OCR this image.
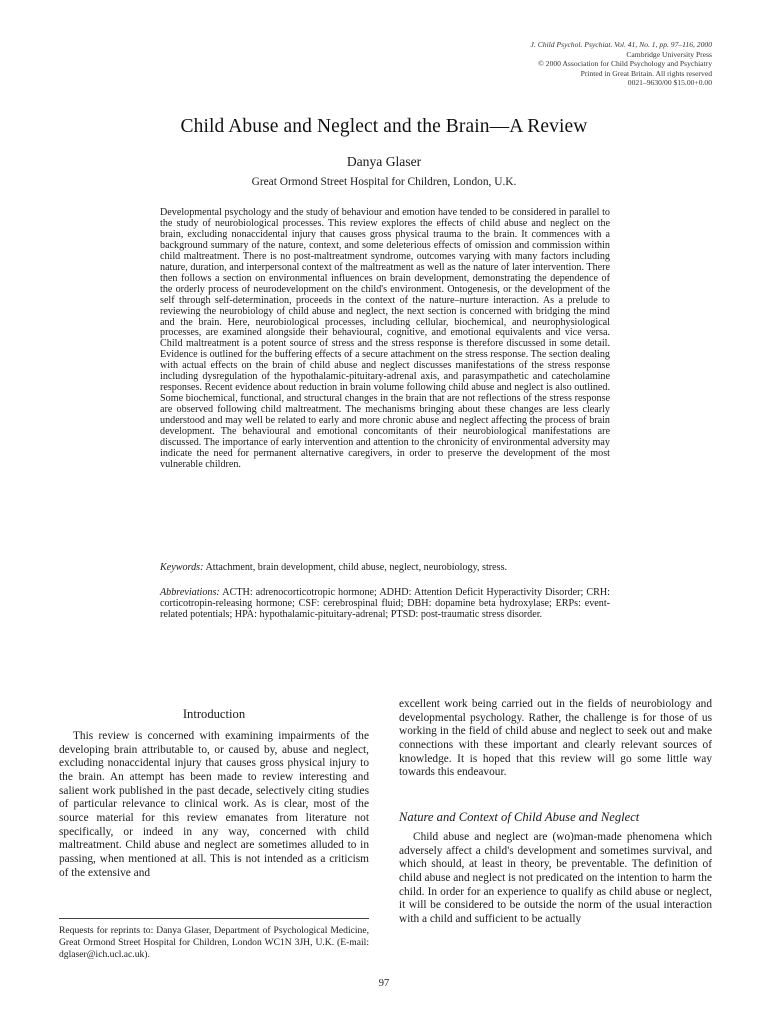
J. Child Psychol. Psychiat. Vol. 41, No. 1, pp. 97–116, 2000
Cambridge University Press
© 2000 Association for Child Psychology and Psychiatry
Printed in Great Britain. All rights reserved
0021–9630/00 $15.00+0.00
Child Abuse and Neglect and the Brain—A Review
Danya Glaser
Great Ormond Street Hospital for Children, London, U.K.
Developmental psychology and the study of behaviour and emotion have tended to be considered in parallel to the study of neurobiological processes. This review explores the effects of child abuse and neglect on the brain, excluding nonaccidental injury that causes gross physical trauma to the brain. It commences with a background summary of the nature, context, and some deleterious effects of omission and commission within child maltreatment. There is no post-maltreatment syndrome, outcomes varying with many factors including nature, duration, and interpersonal context of the maltreatment as well as the nature of later intervention. There then follows a section on environmental influences on brain development, demonstrating the dependence of the orderly process of neurodevelopment on the child's environment. Ontogenesis, or the development of the self through self-determination, proceeds in the context of the nature–nurture interaction. As a prelude to reviewing the neurobiology of child abuse and neglect, the next section is concerned with bridging the mind and the brain. Here, neurobiological processes, including cellular, biochemical, and neurophysiological processes, are examined alongside their behavioural, cognitive, and emotional equivalents and vice versa. Child maltreatment is a potent source of stress and the stress response is therefore discussed in some detail. Evidence is outlined for the buffering effects of a secure attachment on the stress response. The section dealing with actual effects on the brain of child abuse and neglect discusses manifestations of the stress response including dysregulation of the hypothalamic-pituitary-adrenal axis, and parasympathetic and catecholamine responses. Recent evidence about reduction in brain volume following child abuse and neglect is also outlined. Some biochemical, functional, and structural changes in the brain that are not reflections of the stress response are observed following child maltreatment. The mechanisms bringing about these changes are less clearly understood and may well be related to early and more chronic abuse and neglect affecting the process of brain development. The behavioural and emotional concomitants of their neurobiological manifestations are discussed. The importance of early intervention and attention to the chronicity of environmental adversity may indicate the need for permanent alternative caregivers, in order to preserve the development of the most vulnerable children.
Keywords: Attachment, brain development, child abuse, neglect, neurobiology, stress.
Abbreviations: ACTH: adrenocorticotropic hormone; ADHD: Attention Deficit Hyperactivity Disorder; CRH: corticotropin-releasing hormone; CSF: cerebrospinal fluid; DBH: dopamine beta hydroxylase; ERPs: event-related potentials; HPA: hypothalamic-pituitary-adrenal; PTSD: post-traumatic stress disorder.
Introduction

This review is concerned with examining impairments of the developing brain attributable to, or caused by, abuse and neglect, excluding nonaccidental injury that causes gross physical injury to the brain. An attempt has been made to review interesting and salient work published in the past decade, selectively citing studies of particular relevance to clinical work. As is clear, most of the source material for this review emanates from literature not specifically, or indeed in any way, concerned with child maltreatment. Child abuse and neglect are sometimes alluded to in passing, when mentioned at all. This is not intended as a criticism of the extensive and

excellent work being carried out in the fields of neurobiology and developmental psychology. Rather, the challenge is for those of us working in the field of child abuse and neglect to seek out and make connections with these important and clearly relevant sources of knowledge. It is hoped that this review will go some little way towards this endeavour.

Nature and Context of Child Abuse and Neglect

Child abuse and neglect are (wo)man-made phenomena which adversely affect a child's development and sometimes survival, and which should, at least in theory, be preventable. The definition of child abuse and neglect is not predicated on the intention to harm the child. In order for an experience to qualify as child abuse or neglect, it will be considered to be outside the norm of the usual interaction with a child and sufficient to be actually

Requests for reprints to: Danya Glaser, Department of Psychological Medicine, Great Ormond Street Hospital for Children, London WC1N 3JH, U.K. (E-mail: dglaser@ich.ucl.ac.uk).
97
